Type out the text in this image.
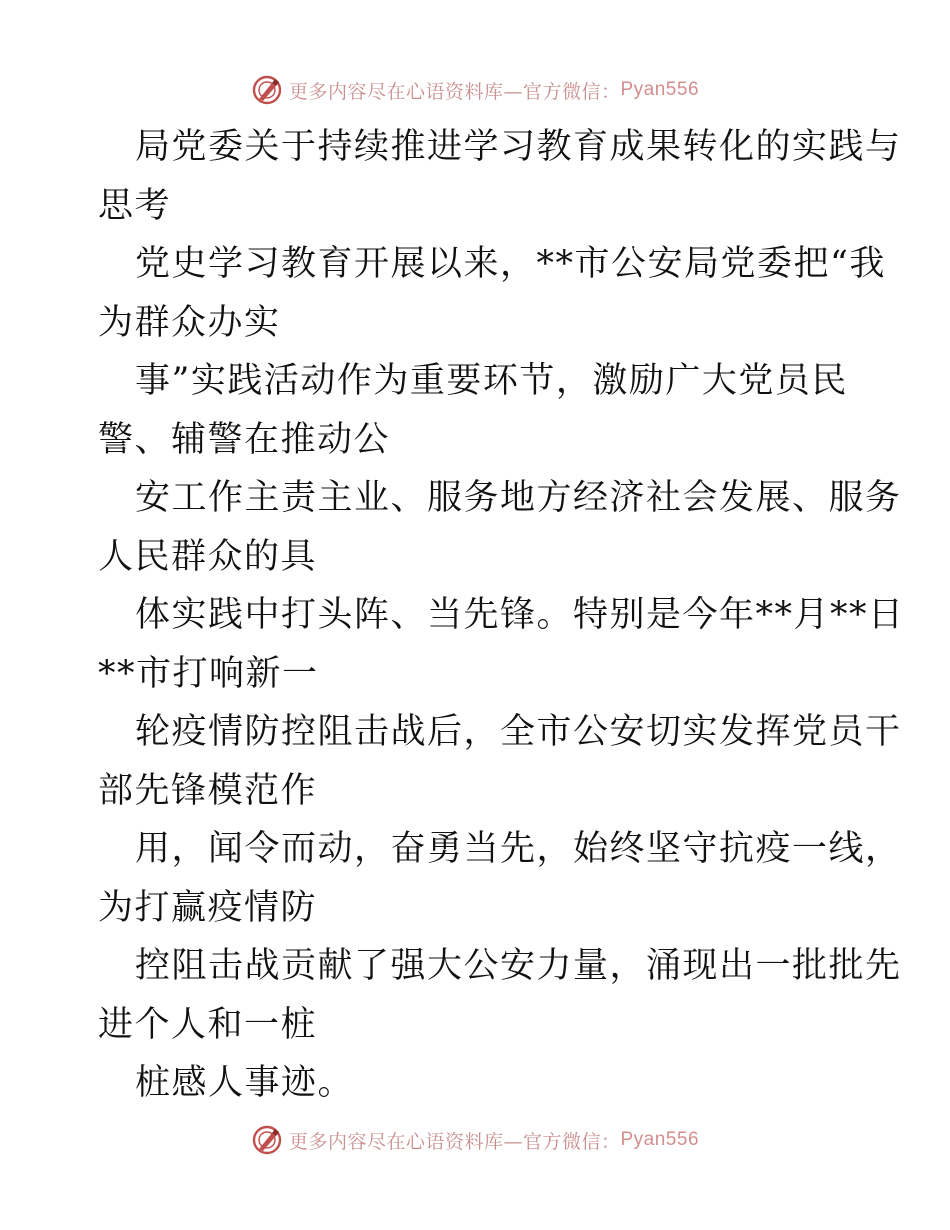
更多内容尽在心语资料库—官方微信： Pyan556
局党委关于持续推进学习教育成果转化的实践与
思考
党史学习教育开展以来，**市公安局党委把“我
为群众办实
事”实践活动作为重要环节，激励广大党员民
警、辅警在推动公
安工作主责主业、服务地方经济社会发展、服务
人民群众的具
体实践中打头阵、当先锋。特别是今年**月**日
**市打响新一
轮疫情防控阻击战后，全市公安切实发挥党员干
部先锋模范作
用，闻令而动，奋勇当先，始终坚守抗疫一线，
为打赢疫情防
控阻击战贡献了强大公安力量，涌现出一批批先
进个人和一桩
桩感人事迹。
更多内容尽在心语资料库—官方微信： Pyan556
